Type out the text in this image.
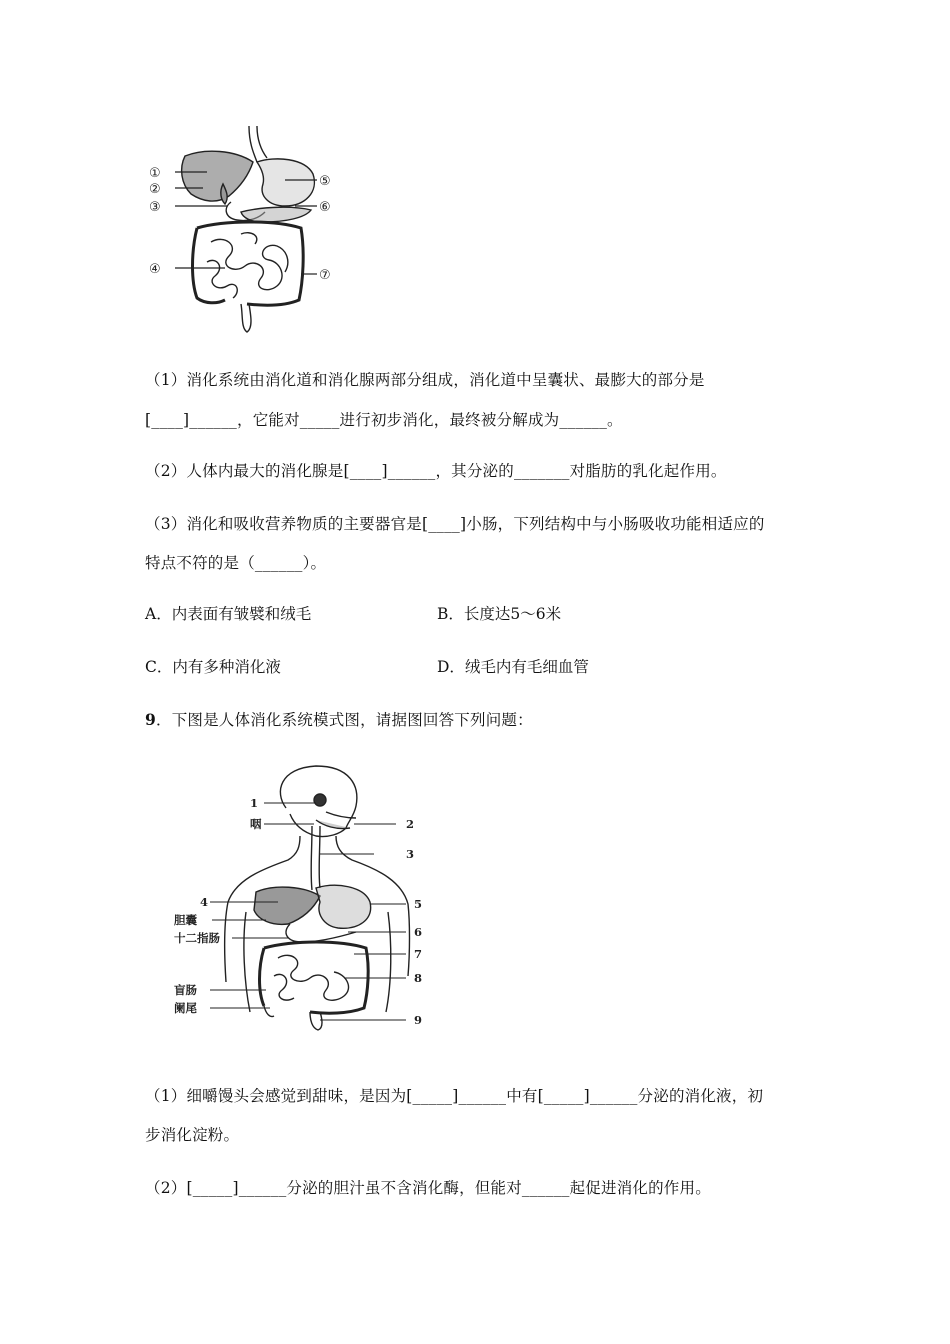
①
②
③
④
⑤
⑥
⑦
（1）消化系统由消化道和消化腺两部分组成，消化道中呈囊状、最膨大的部分是
[____]______，它能对_____进行初步消化，最终被分解成为______。
（2）人体内最大的消化腺是[____]______，其分泌的_______对脂肪的乳化起作用。
（3）消化和吸收营养物质的主要器官是[____]小肠，下列结构中与小肠吸收功能相适应的
特点不符的是（______）。
A．内表面有皱襞和绒毛	B．长度达5～6米
C．内有多种消化液	D．绒毛内有毛细血管
9．下图是人体消化系统模式图，请据图回答下列问题：
1
咽	2
3
4
胆囊
5
十二指肠	6
7
8
盲肠
阑尾
9
（1）细嚼馒头会感觉到甜味，是因为[_____]______中有[_____]______分泌的消化液，初
步消化淀粉。
（2）[_____]______分泌的胆汁虽不含消化酶，但能对______起促进消化的作用。
